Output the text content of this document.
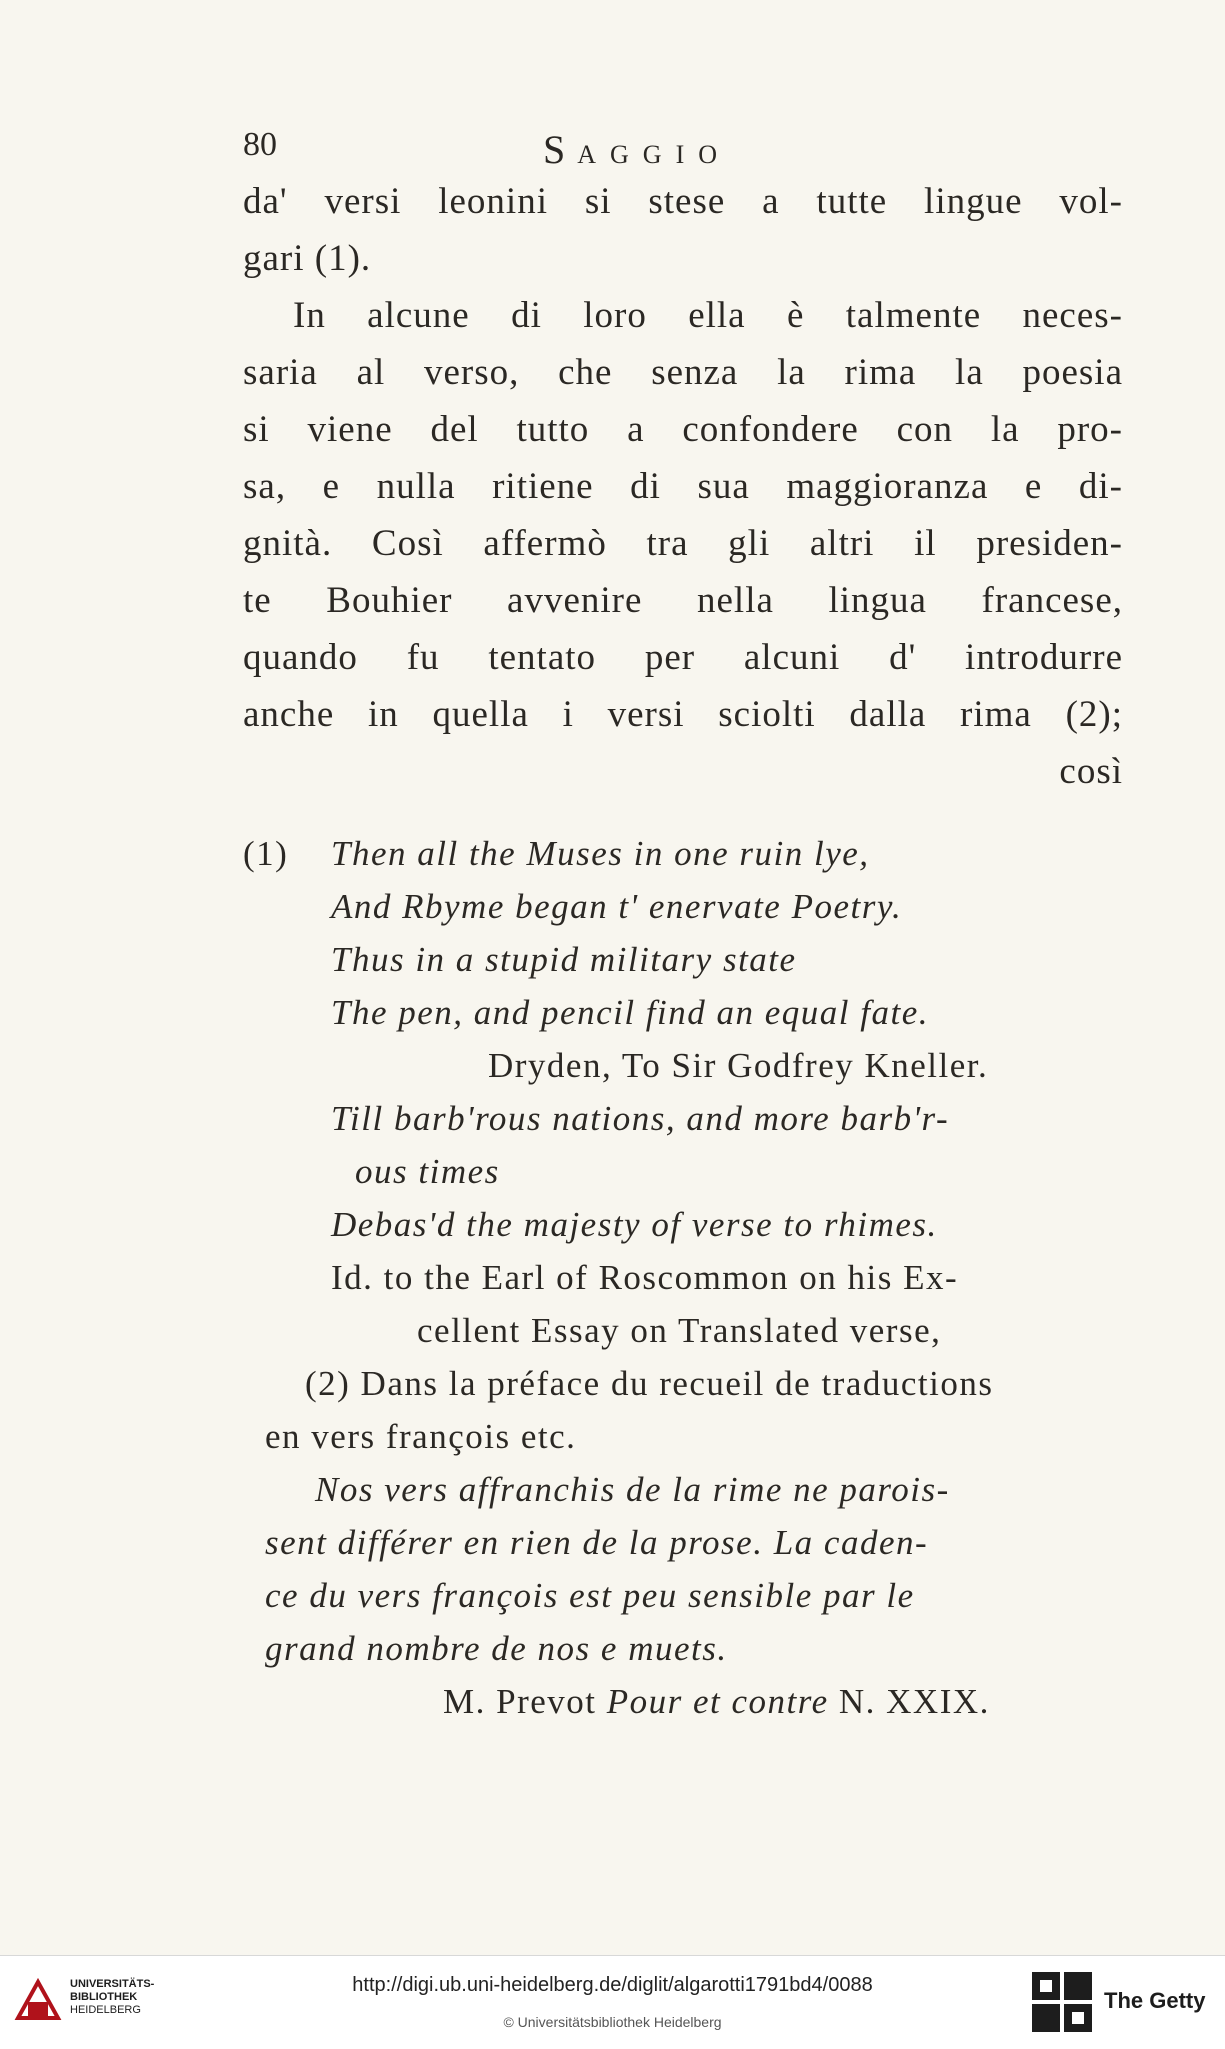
80	SAGGIO
da' versi leonini si stese a tutte lingue vol-
gari (1).
In alcune di loro ella è talmente neces-
saria al verso, che senza la rima la poesia
si viene del tutto a confondere con la pro-
sa, e nulla ritiene di sua maggioranza e di-
gnità. Così affermò tra gli altri il presiden-
te Bouhier avvenire nella lingua francese,
quando fu tentato per alcuni d' introdurre
anche in quella i versi sciolti dalla rima (2);
così
(1) Then all the Muses in one ruin lye,
And Rbyme began t' enervate Poetry.
Thus in a stupid military state
The pen, and pencil find an equal fate.
Dryden, To Sir Godfrey Kneller.
Till barb'rous nations, and more barb'r-
ous times
Debas'd the majesty of verse to rhimes.
Id. to the Earl of Roscommon on his Ex-
cellent Essay on Translated verse,
(2) Dans la préface du recueil de traductions
en vers françois etc.
Nos vers affranchis de la rime ne parois-
sent différer en rien de la prose. La caden-
ce du vers françois est peu sensible par le
grand nombre de nos e muets.
M. Prevot Pour et contre N. XXIX.
UNIVERSITÄTS-
BIBLIOTHEK
HEIDELBERG
http://digi.ub.uni-heidelberg.de/diglit/algarotti1791bd4/0088
© Universitätsbibliothek Heidelberg
The Getty
